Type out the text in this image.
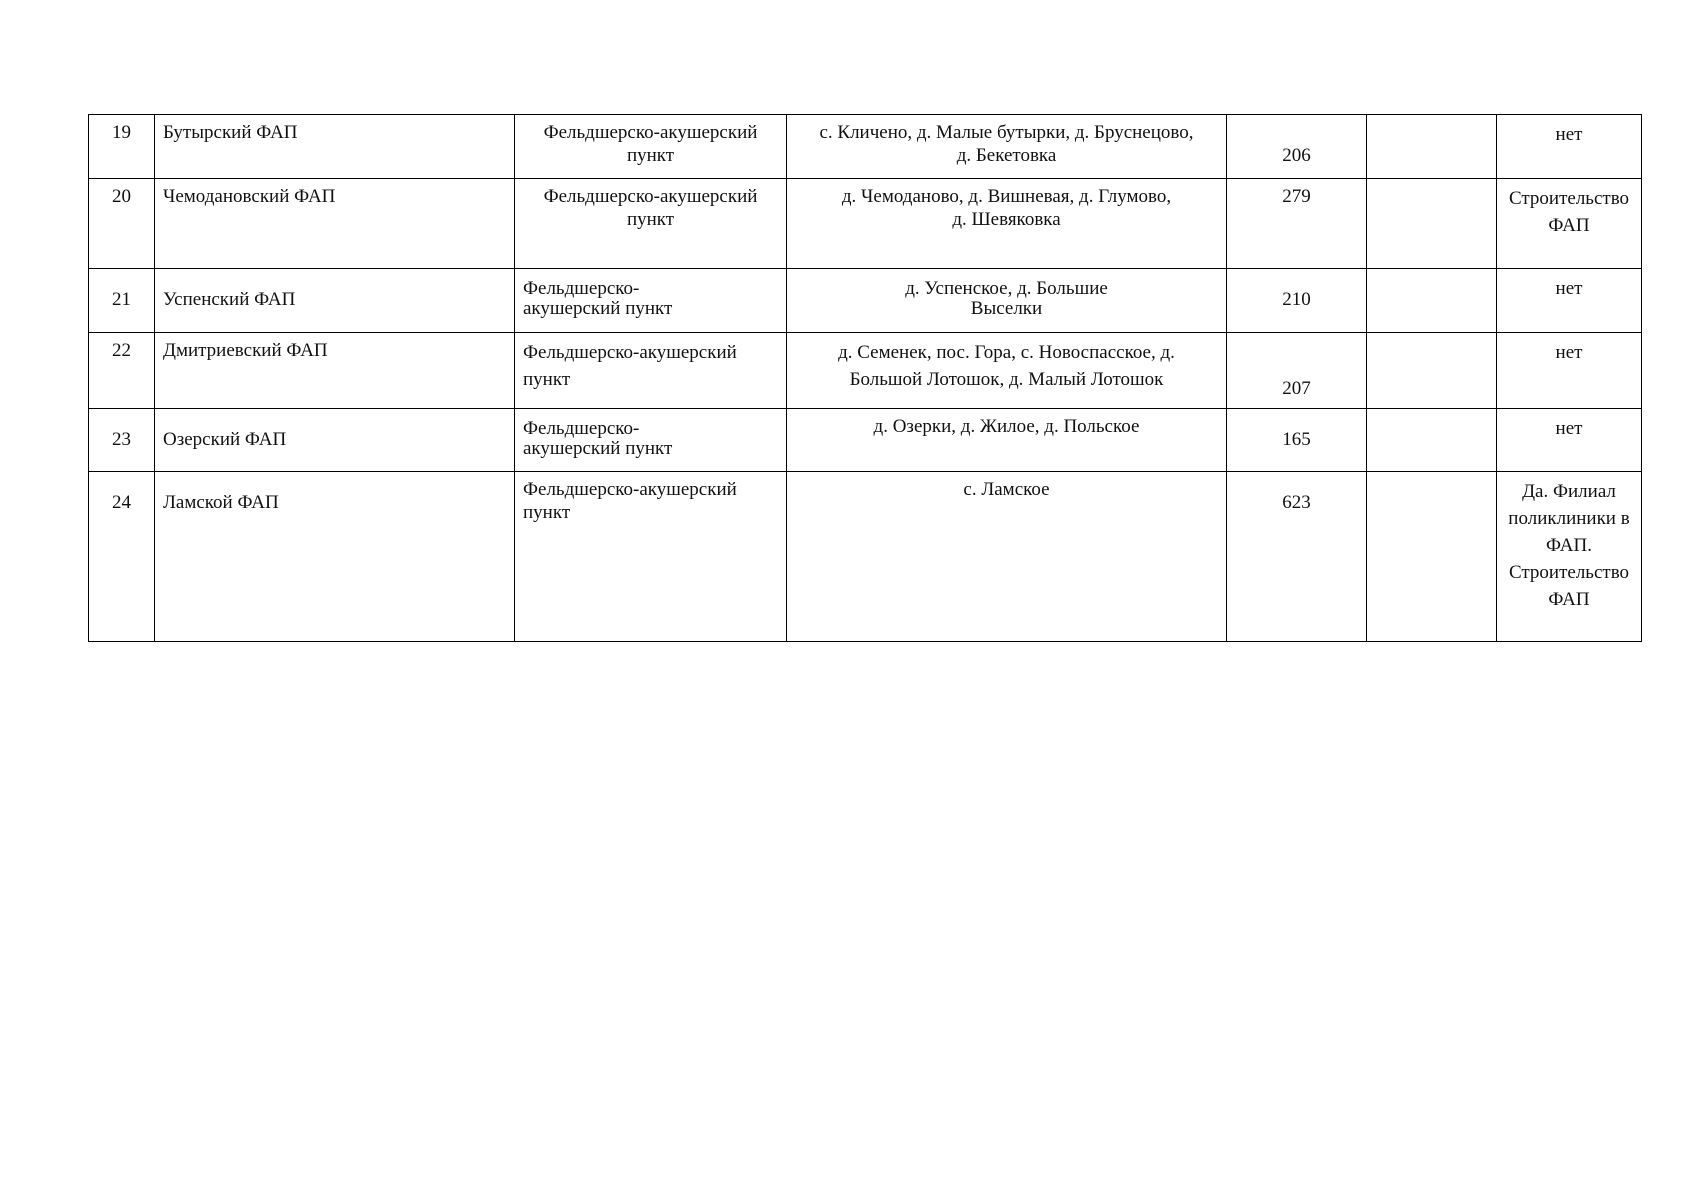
19	Бутырский ФАП	Фельдшерско-акушерский
пункт	с. Кличено, д. Малые бутырки, д. Бруснецово,
д. Бекетовка	206		нет

20	Чемодановский ФАП	Фельдшерско-акушерский
пункт	д. Чемоданово, д. Вишневая, д. Глумово,
д. Шевяковка	279		Строительство
ФАП

21	Успенский ФАП	Фельдшерско-
акушерский пункт	д. Успенское, д. Большие
Выселки	210		нет

22	Дмитриевский ФАП	Фельдшерско-акушерский
пункт	д. Семенек, пос. Гора, с. Новоспасское, д.
Большой Лотошок, д. Малый Лотошок	207		нет

23	Озерский ФАП	Фельдшерско-
акушерский пункт	д. Озерки, д. Жилое, д. Польское	165		нет

24	Ламской ФАП	Фельдшерско-акушерский
пункт	с. Ламское	623		Да. Филиал
поликлиники в
ФАП.
Строительство
ФАП
